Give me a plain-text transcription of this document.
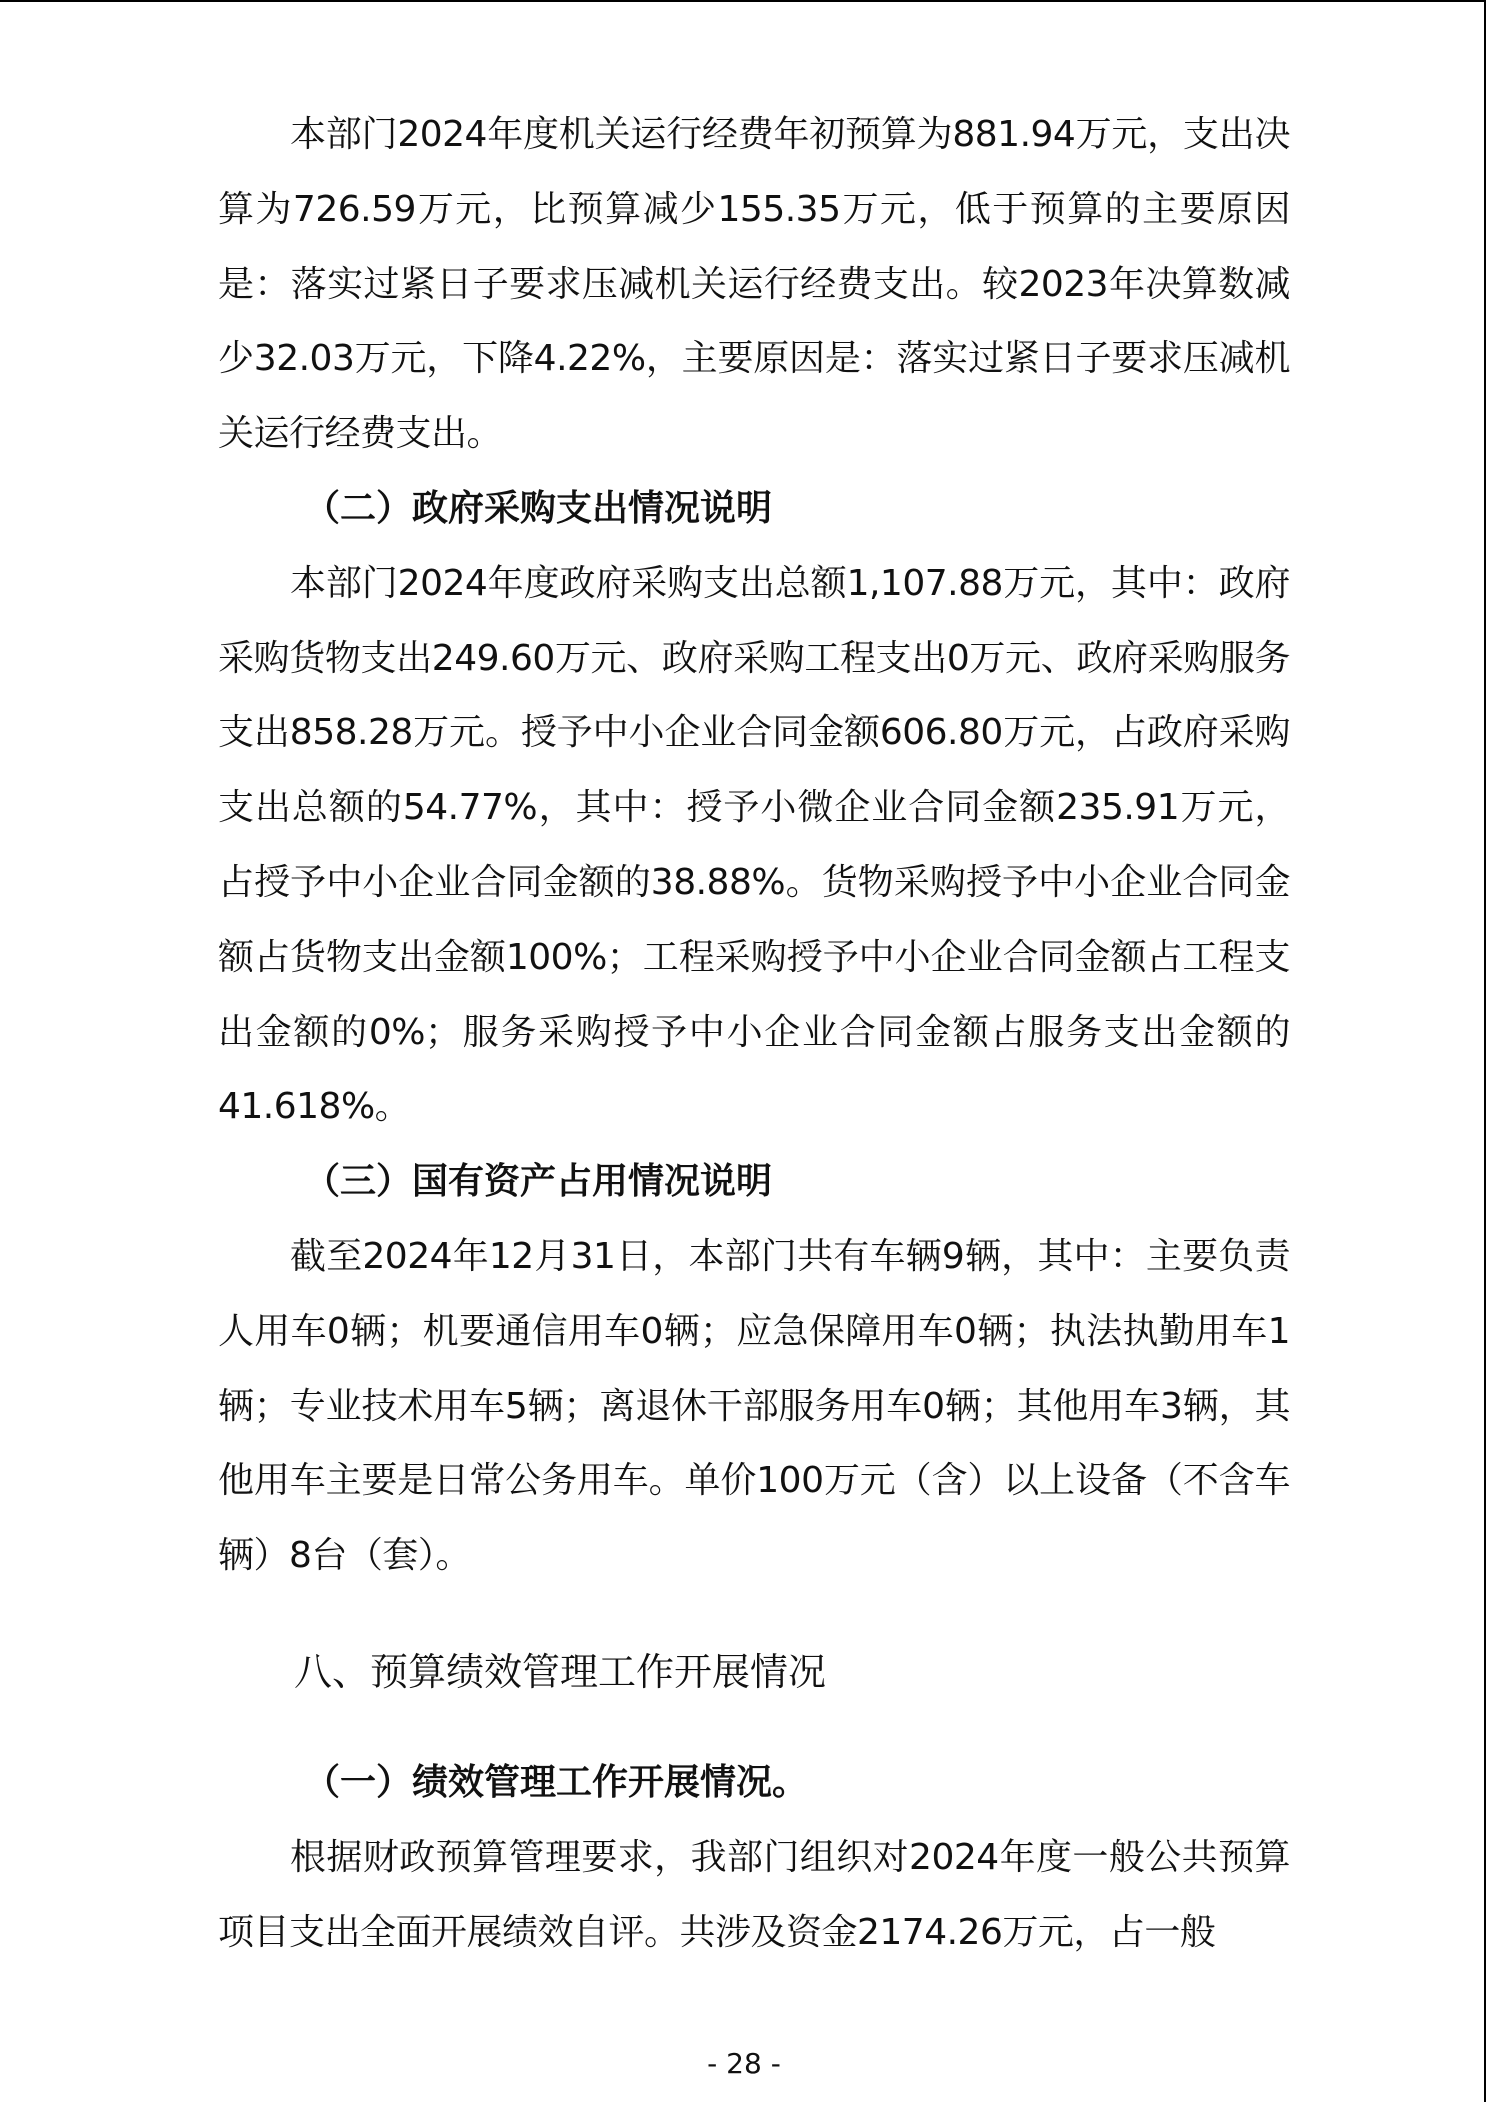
本部门2024年度机关运行经费年初预算为881.94万元，支出决算为726.59万元，比预算减少155.35万元，低于预算的主要原因是：落实过紧日子要求压减机关运行经费支出。较2023年决算数减少32.03万元，下降4.22%，主要原因是：落实过紧日子要求压减机关运行经费支出。

（二）政府采购支出情况说明

本部门2024年度政府采购支出总额1,107.88万元，其中：政府采购货物支出249.60万元、政府采购工程支出0万元、政府采购服务支出858.28万元。授予中小企业合同金额606.80万元，占政府采购支出总额的54.77%，其中：授予小微企业合同金额235.91万元，占授予中小企业合同金额的38.88%。货物采购授予中小企业合同金额占货物支出金额100%；工程采购授予中小企业合同金额占工程支出金额的0%；服务采购授予中小企业合同金额占服务支出金额的41.618%。

（三）国有资产占用情况说明

截至2024年12月31日，本部门共有车辆9辆，其中：主要负责人用车0辆；机要通信用车0辆；应急保障用车0辆；执法执勤用车1辆；专业技术用车5辆；离退休干部服务用车0辆；其他用车3辆，其他用车主要是日常公务用车。单价100万元（含）以上设备（不含车辆）8台（套）。

八、预算绩效管理工作开展情况

（一）绩效管理工作开展情况。

根据财政预算管理要求，我部门组织对2024年度一般公共预算项目支出全面开展绩效自评。共涉及资金2174.26万元，占一般

- 28 -
